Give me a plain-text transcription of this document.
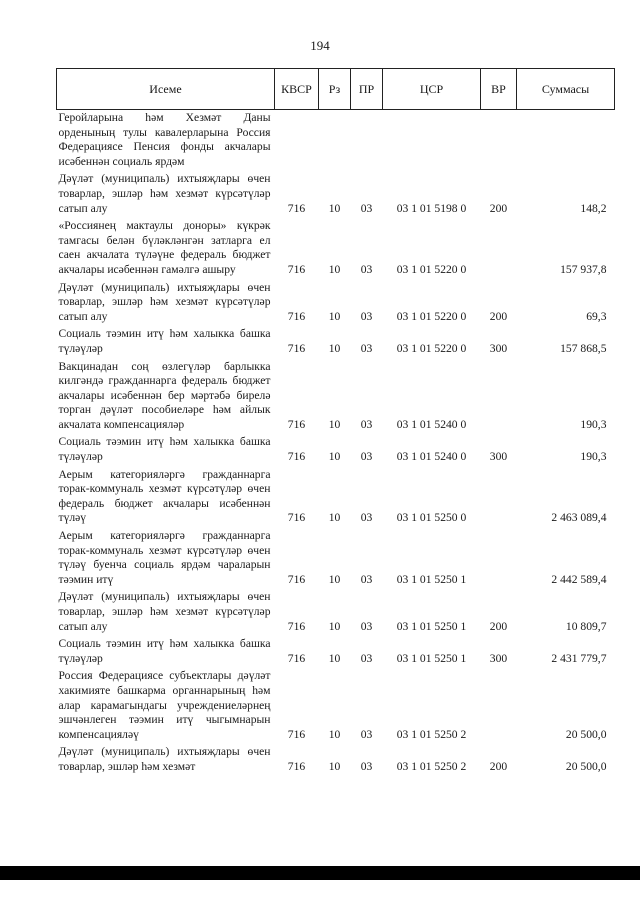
194
Исеме	КВСР	Рз	ПР	ЦСР	ВР	Суммасы
Геройларына һәм Хезмәт Даны орденының тулы кавалерларына Россия Федерациясе Пенсия фонды акчалары исәбеннән социаль ярдәм						
Дәүләт (муниципаль) ихтыяҗлары өчен товарлар, эшләр һәм хезмәт күрсәтүләр сатып алу	716	10	03	03 1 01 5198 0	200	148,2
«Россиянең мактаулы доноры» күкрәк тамгасы белән бүләкләнгән затларга ел саен акчалата түләүне федераль бюджет акчалары исәбеннән гамәлгә ашыру	716	10	03	03 1 01 5220 0		157 937,8
Дәүләт (муниципаль) ихтыяҗлары өчен товарлар, эшләр һәм хезмәт күрсәтүләр сатып алу	716	10	03	03 1 01 5220 0	200	69,3
Социаль тәэмин итү һәм халыкка башка түләүләр	716	10	03	03 1 01 5220 0	300	157 868,5
Вакцинадан соң өзлегүләр барлыкка килгәндә гражданнарга федераль бюджет акчалары исәбеннән бер мәртәбә бирелә торган дәүләт пособиеләре һәм айлык акчалата компенсацияләр	716	10	03	03 1 01 5240 0		190,3
Социаль тәэмин итү һәм халыкка башка түләүләр	716	10	03	03 1 01 5240 0	300	190,3
Аерым категорияләргә гражданнарга торак-коммуналь хезмәт күрсәтүләр өчен федераль бюджет акчалары исәбеннән түләү	716	10	03	03 1 01 5250 0		2 463 089,4
Аерым категорияләргә гражданнарга торак-коммуналь хезмәт күрсәтүләр өчен түләү буенча социаль ярдәм чараларын тәэмин итү	716	10	03	03 1 01 5250 1		2 442 589,4
Дәүләт (муниципаль) ихтыяҗлары өчен товарлар, эшләр һәм хезмәт күрсәтүләр сатып алу	716	10	03	03 1 01 5250 1	200	10 809,7
Социаль тәэмин итү һәм халыкка башка түләүләр	716	10	03	03 1 01 5250 1	300	2 431 779,7
Россия Федерациясе субъектлары дәүләт хакимияте башкарма органнарының һәм алар карамагындагы учреждениеләрнең эшчәнлеген тәэмин итү чыгымнарын компенсацияләү	716	10	03	03 1 01 5250 2		20 500,0
Дәүләт (муниципаль) ихтыяҗлары өчен товарлар, эшләр һәм хезмәт	716	10	03	03 1 01 5250 2	200	20 500,0
